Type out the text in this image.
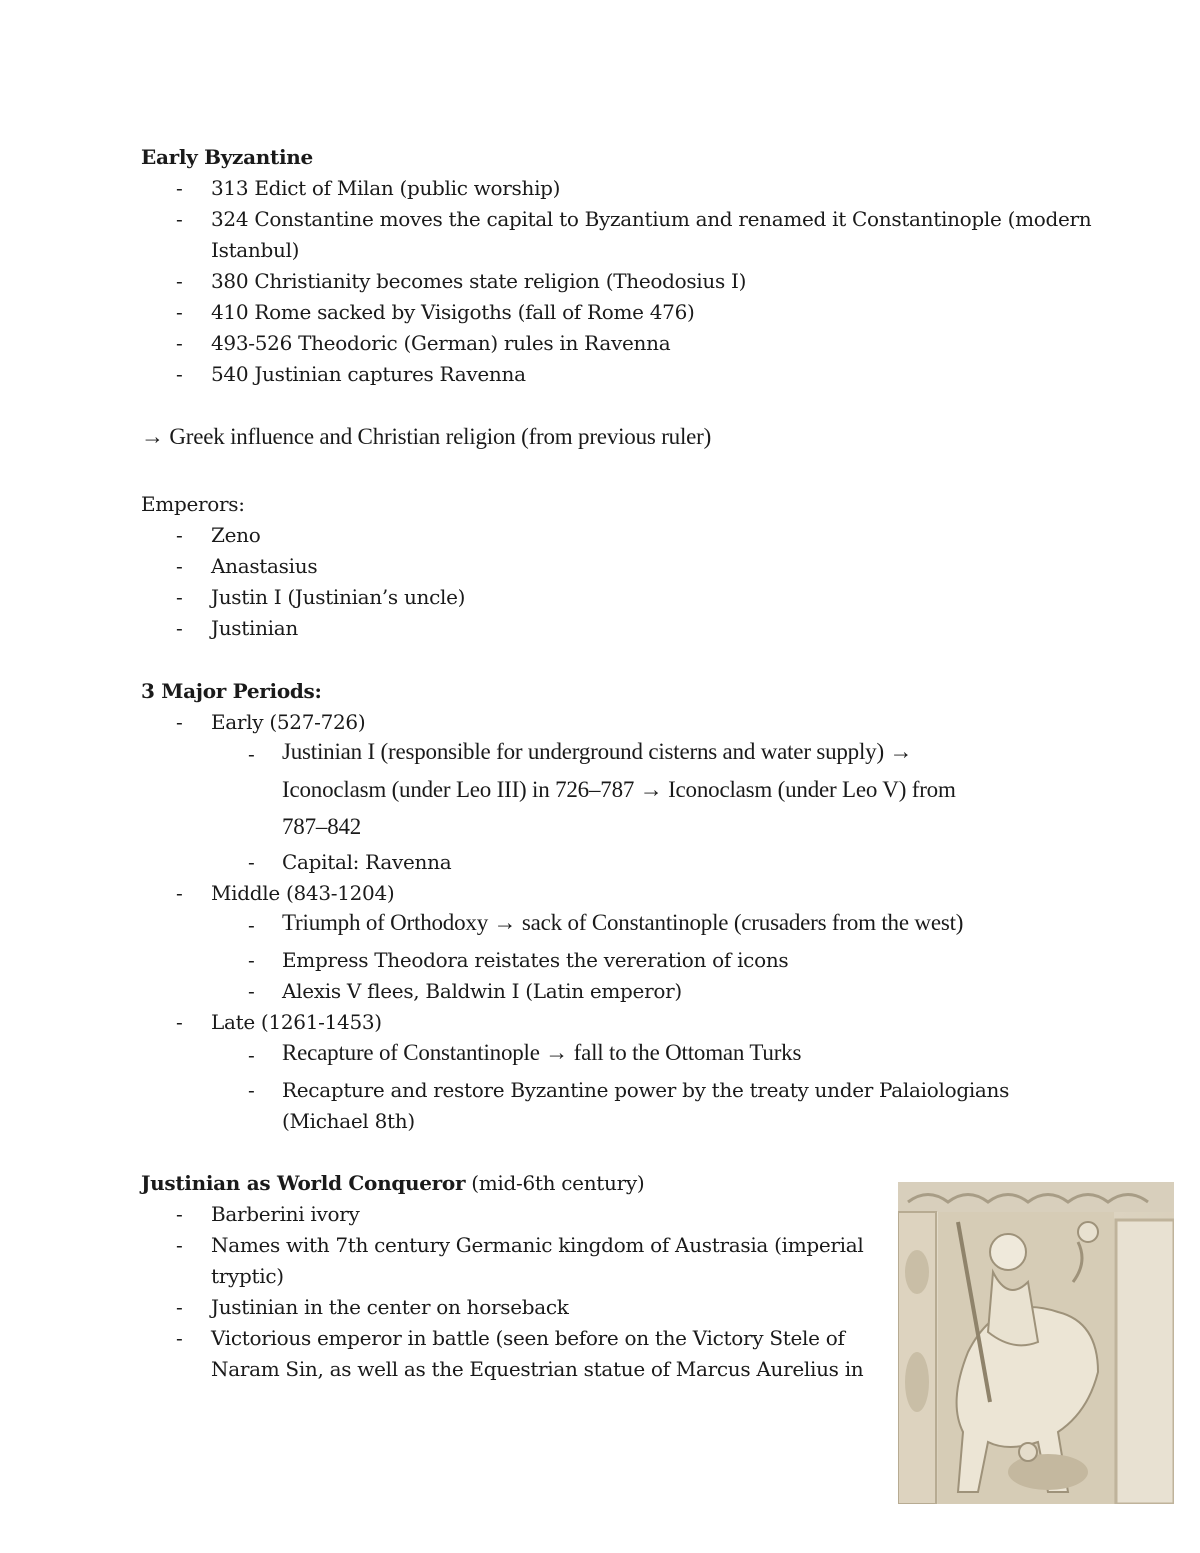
Early Byzantine
- 313 Edict of Milan (public worship)
- 324 Constantine moves the capital to Byzantium and renamed it Constantinople (modern
Istanbul)
- 380 Christianity becomes state religion (Theodosius I)
- 410 Rome sacked by Visigoths (fall of Rome 476)
- 493-526 Theodoric (German) rules in Ravenna
- 540 Justinian captures Ravenna
→ Greek influence and Christian religion (from previous ruler)
Emperors:
- Zeno
- Anastasius
- Justin I (Justinian’s uncle)
- Justinian
3 Major Periods:
- Early (527-726)
- Justinian I (responsible for underground cisterns and water supply) →
Iconoclasm (under Leo III) in 726–787 → Iconoclasm (under Leo V) from
787–842
- Capital: Ravenna
- Middle (843-1204)
- Triumph of Orthodoxy → sack of Constantinople (crusaders from the west)
- Empress Theodora reistates the vereration of icons
- Alexis V flees, Baldwin I (Latin emperor)
- Late (1261-1453)
- Recapture of Constantinople → fall to the Ottoman Turks
- Recapture and restore Byzantine power by the treaty under Palaiologians
(Michael 8th)
Justinian as World Conqueror (mid-6th century)
- Barberini ivory
- Names with 7th century Germanic kingdom of Austrasia (imperial
tryptic)
- Justinian in the center on horseback
- Victorious emperor in battle (seen before on the Victory Stele of
Naram Sin, as well as the Equestrian statue of Marcus Aurelius in
